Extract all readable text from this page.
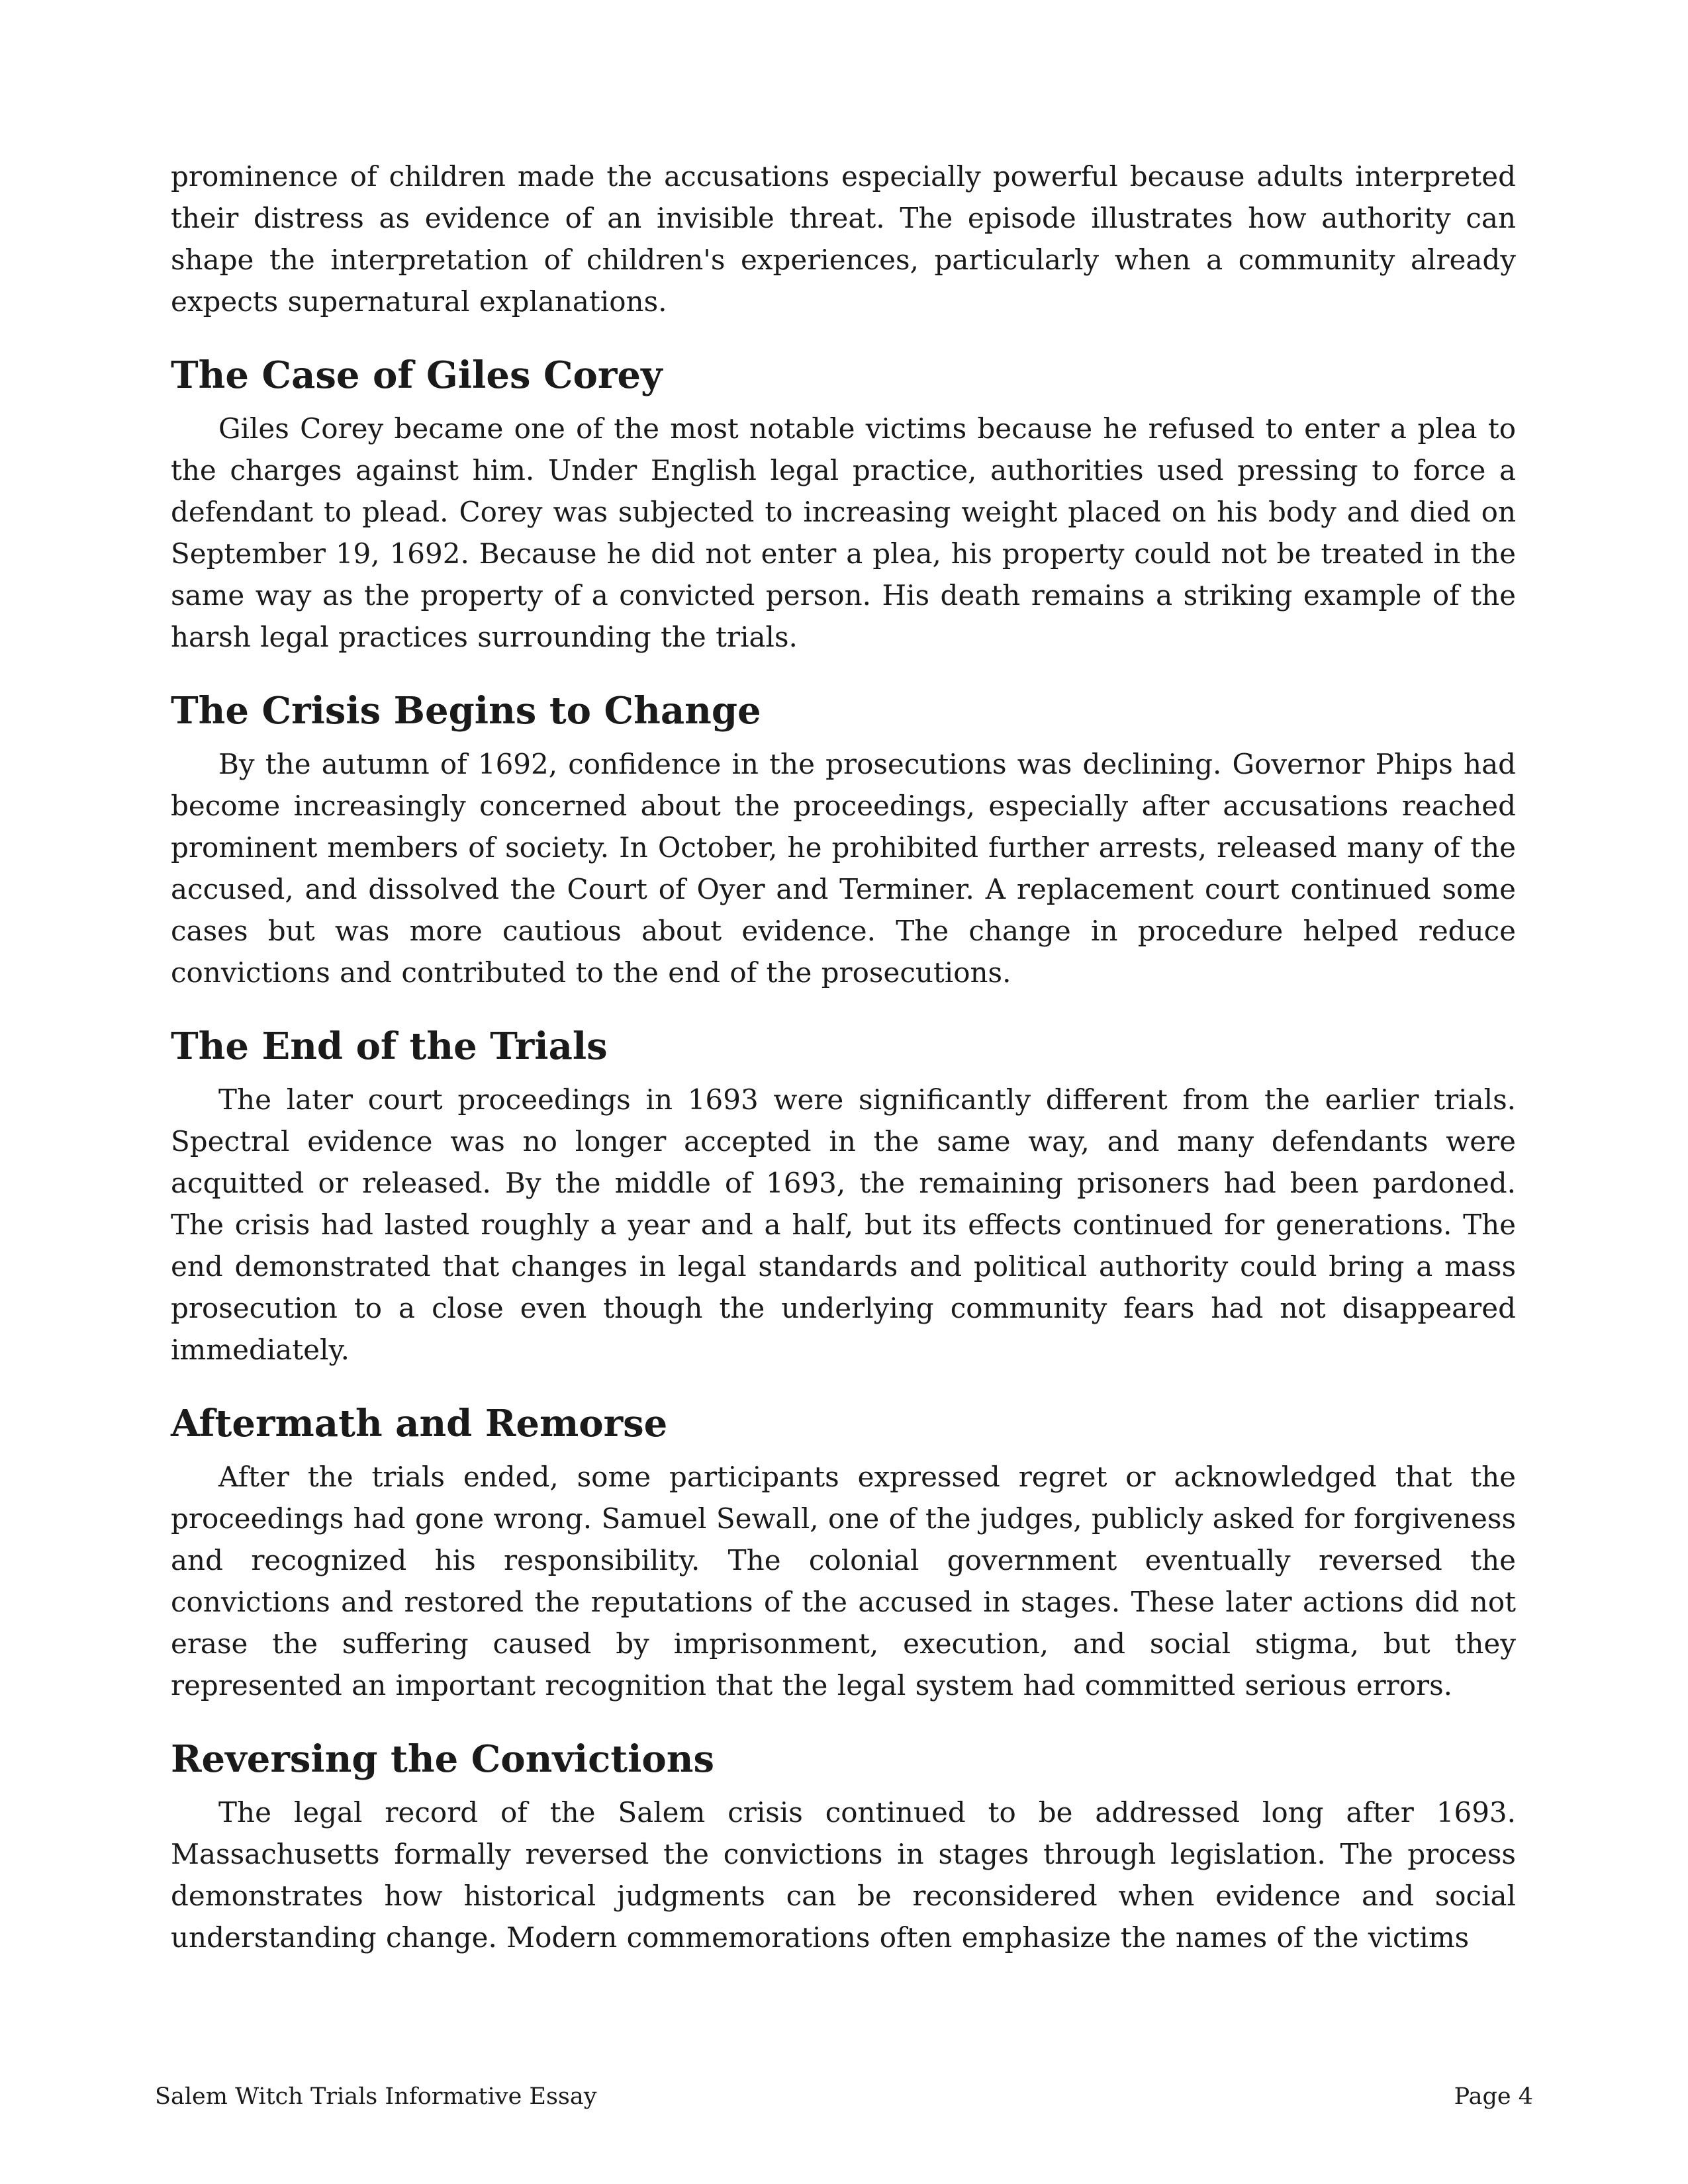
prominence of children made the accusations especially powerful because adults interpreted their distress as evidence of an invisible threat. The episode illustrates how authority can shape the interpretation of children's experiences, particularly when a community already expects supernatural explanations.

The Case of Giles Corey

Giles Corey became one of the most notable victims because he refused to enter a plea to the charges against him. Under English legal practice, authorities used pressing to force a defendant to plead. Corey was subjected to increasing weight placed on his body and died on September 19, 1692. Because he did not enter a plea, his property could not be treated in the same way as the property of a convicted person. His death remains a striking example of the harsh legal practices surrounding the trials.

The Crisis Begins to Change

By the autumn of 1692, confidence in the prosecutions was declining. Governor Phips had become increasingly concerned about the proceedings, especially after accusations reached prominent members of society. In October, he prohibited further arrests, released many of the accused, and dissolved the Court of Oyer and Terminer. A replacement court continued some cases but was more cautious about evidence. The change in procedure helped reduce convictions and contributed to the end of the prosecutions.

The End of the Trials

The later court proceedings in 1693 were significantly different from the earlier trials. Spectral evidence was no longer accepted in the same way, and many defendants were acquitted or released. By the middle of 1693, the remaining prisoners had been pardoned. The crisis had lasted roughly a year and a half, but its effects continued for generations. The end demonstrated that changes in legal standards and political authority could bring a mass prosecution to a close even though the underlying community fears had not disappeared immediately.

Aftermath and Remorse

After the trials ended, some participants expressed regret or acknowledged that the proceedings had gone wrong. Samuel Sewall, one of the judges, publicly asked for forgiveness and recognized his responsibility. The colonial government eventually reversed the convictions and restored the reputations of the accused in stages. These later actions did not erase the suffering caused by imprisonment, execution, and social stigma, but they represented an important recognition that the legal system had committed serious errors.

Reversing the Convictions

The legal record of the Salem crisis continued to be addressed long after 1693. Massachusetts formally reversed the convictions in stages through legislation. The process demonstrates how historical judgments can be reconsidered when evidence and social understanding change. Modern commemorations often emphasize the names of the victims

Salem Witch Trials Informative Essay	Page 4
